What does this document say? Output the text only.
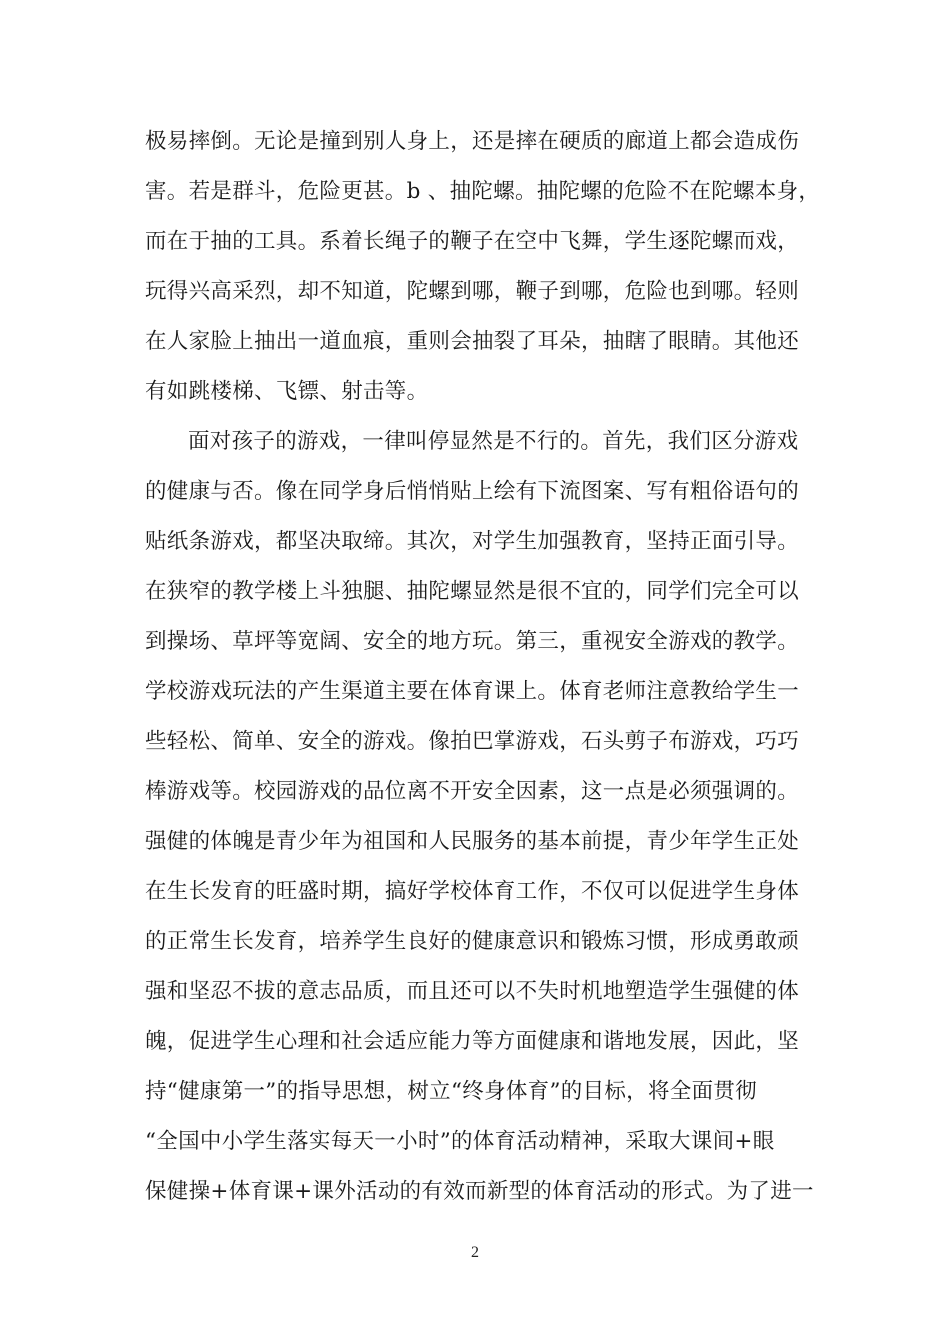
极易摔倒。无论是撞到别人身上，还是摔在硬质的廊道上都会造成伤
害。若是群斗，危险更甚。b 、抽陀螺。抽陀螺的危险不在陀螺本身，
而在于抽的工具。系着长绳子的鞭子在空中飞舞，学生逐陀螺而戏，
玩得兴高采烈，却不知道，陀螺到哪，鞭子到哪，危险也到哪。轻则
在人家脸上抽出一道血痕，重则会抽裂了耳朵，抽瞎了眼睛。其他还
有如跳楼梯、飞镖、射击等。
面对孩子的游戏，一律叫停显然是不行的。首先，我们区分游戏
的健康与否。像在同学身后悄悄贴上绘有下流图案、写有粗俗语句的
贴纸条游戏，都坚决取缔。其次，对学生加强教育，坚持正面引导。
在狭窄的教学楼上斗独腿、抽陀螺显然是很不宜的，同学们完全可以
到操场、草坪等宽阔、安全的地方玩。第三，重视安全游戏的教学。
学校游戏玩法的产生渠道主要在体育课上。体育老师注意教给学生一
些轻松、简单、安全的游戏。像拍巴掌游戏，石头剪子布游戏，巧巧
棒游戏等。校园游戏的品位离不开安全因素，这一点是必须强调的。
强健的体魄是青少年为祖国和人民服务的基本前提，青少年学生正处
在生长发育的旺盛时期，搞好学校体育工作，不仅可以促进学生身体
的正常生长发育，培养学生良好的健康意识和锻炼习惯，形成勇敢顽
强和坚忍不拔的意志品质，而且还可以不失时机地塑造学生强健的体
魄，促进学生心理和社会适应能力等方面健康和谐地发展，因此，坚
持“健康第一”的指导思想，树立“终身体育”的目标，将全面贯彻
“全国中小学生落实每天一小时”的体育活动精神，采取大课间+眼
保健操+体育课+课外活动的有效而新型的体育活动的形式。为了进一
2
